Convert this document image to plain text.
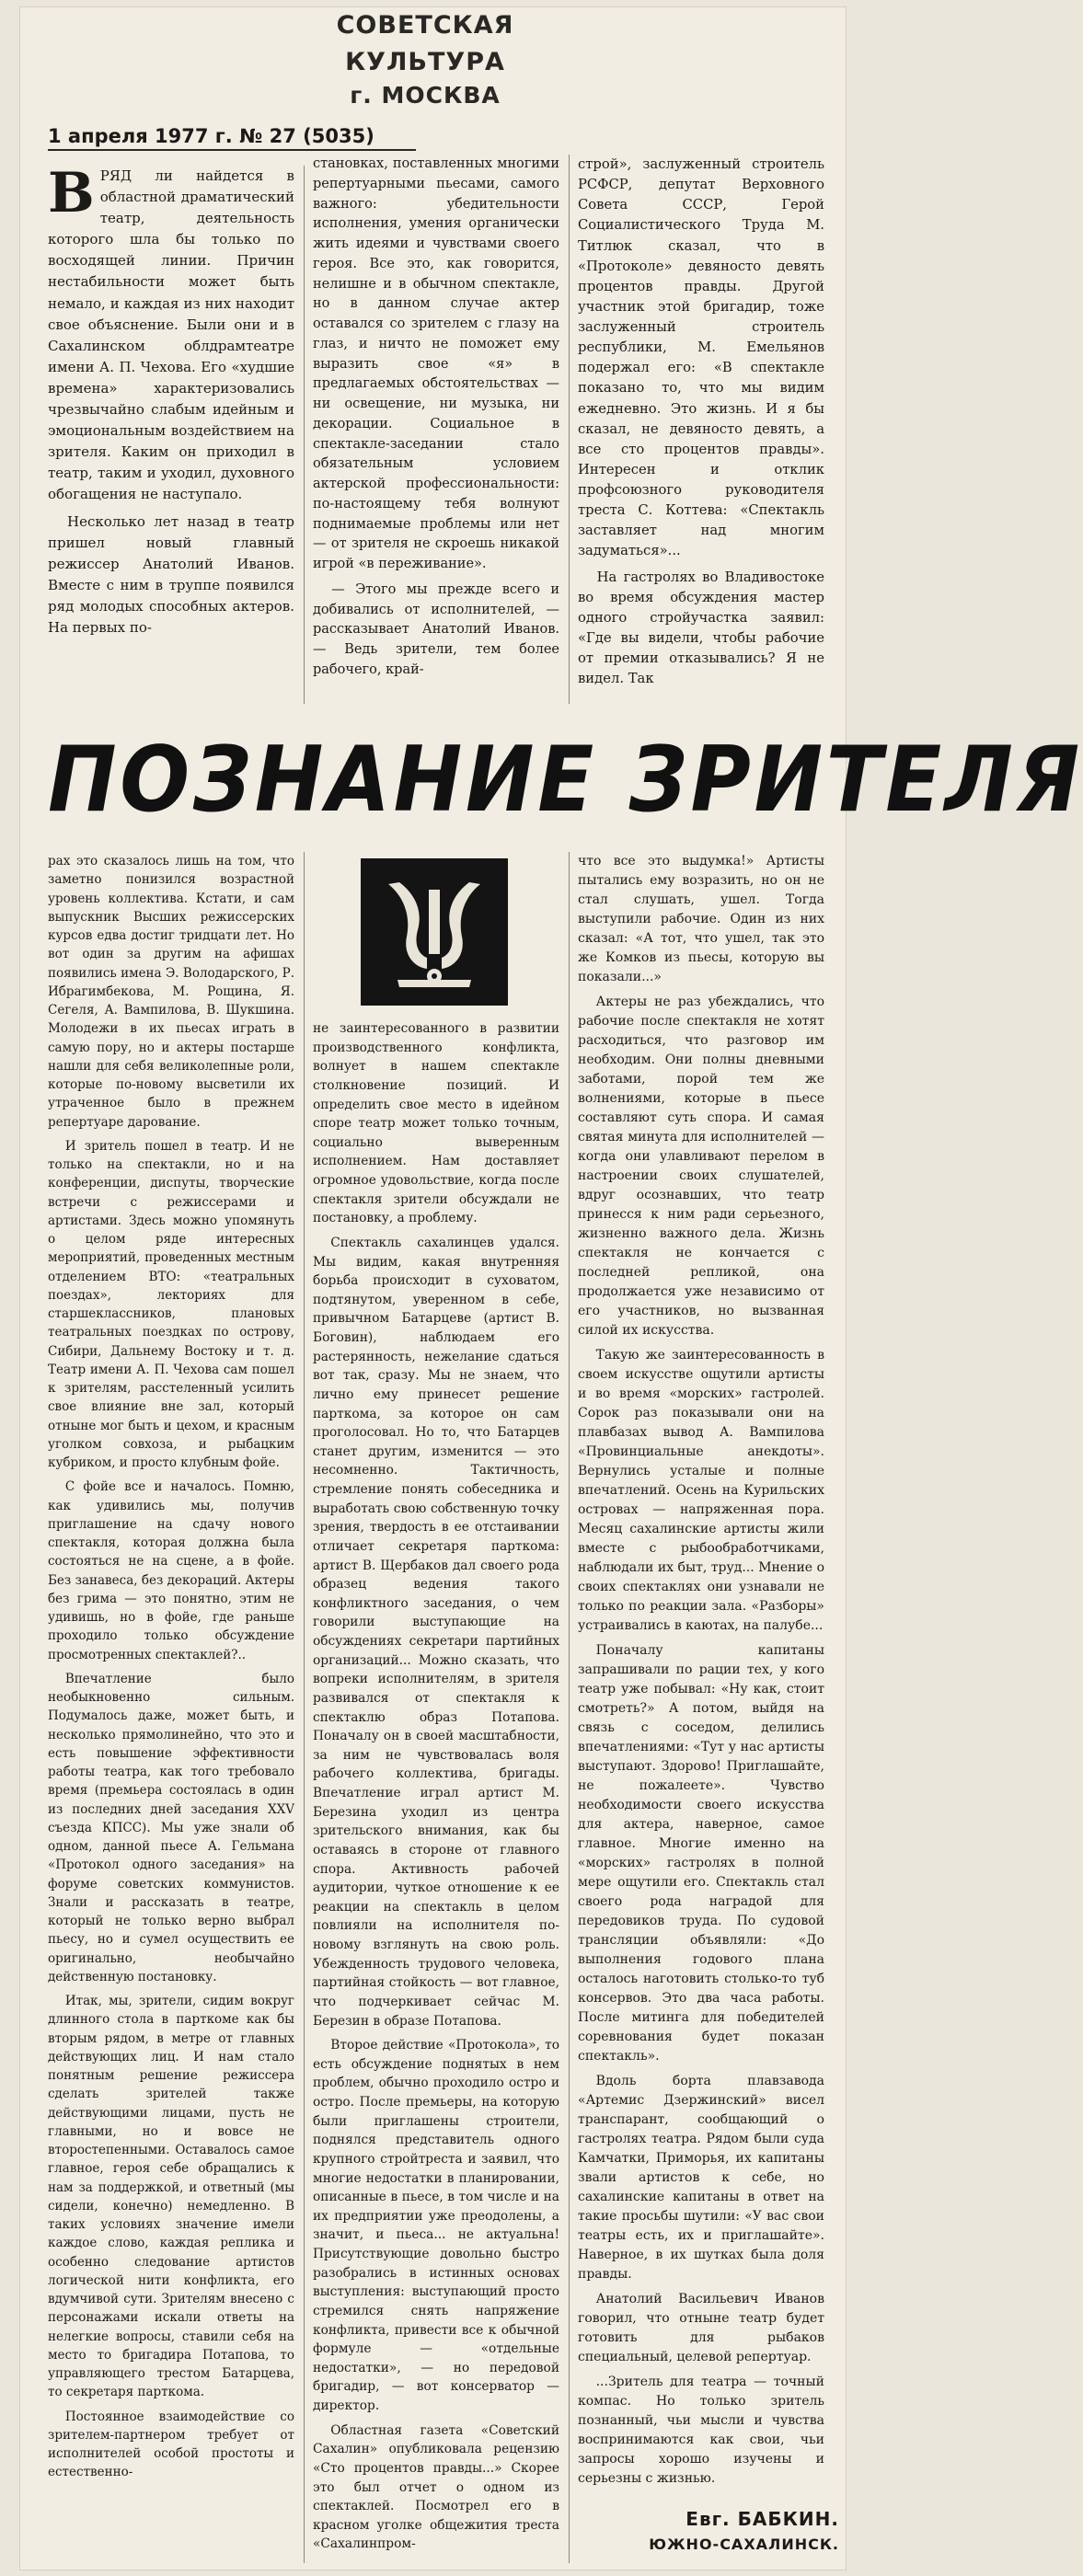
СОВЕТСКАЯ КУЛЬТУРА
г. МОСКВА
1 апреля 1977 г. № 27 (5035)
В РЯД ли найдется в областной драматический театр, деятельность которого шла бы только по восходящей линии. Причин нестабильности может быть немало, и каждая из них находит свое объяснение. Были они и в Сахалинском облдрамтеатре имени А. П. Чехова. Его «худшие времена» характеризовались чрезвычайно слабым идейным и эмоциональным воздействием на зрителя. Каким он приходил в театр, таким и уходил, духовного обогащения не наступало.

Несколько лет назад в театр пришел новый главный режиссер Анатолий Иванов. Вместе с ним в труппе появился ряд молодых способных актеров. На первых по-

становках, поставленных многими репертуарными пьесами, самого важного: убедительности исполнения, умения органически жить идеями и чувствами своего героя. Все это, как говорится, нелишне и в обычном спектакле, но в данном случае актер оставался со зрителем с глазу на глаз, и ничто не поможет ему выразить свое «я» в предлагаемых обстоятельствах — ни освещение, ни музыка, ни декорации. Социальное в спектакле-заседании стало обязательным условием актерской профессиональности: по-настоящему тебя волнуют поднимаемые проблемы или нет — от зрителя не скроешь никакой игрой «в переживание».

— Этого мы прежде всего и добивались от исполнителей, — рассказывает Анатолий Иванов. — Ведь зрители, тем более рабочего, край-

строй», заслуженный строитель РСФСР, депутат Верховного Совета СССР, Герой Социалистического Труда М. Титлюк сказал, что в «Протоколе» девяносто девять процентов правды. Другой участник этой бригадир, тоже заслуженный строитель республики, М. Емельянов подержал его: «В спектакле показано то, что мы видим ежедневно. Это жизнь. И я бы сказал, не девяносто девять, а все сто процентов правды». Интересен и отклик профсоюзного руководителя треста С. Коттева: «Спектакль заставляет над многим задуматься»...

На гастролях во Владивостоке во время обсуждения мастер одного стройучастка заявил: «Где вы видели, чтобы рабочие от премии отказывались? Я не видел. Так

ПОЗНАНИЕ ЗРИТЕЛЯ

рах это сказалось лишь на том, что заметно понизился возрастной уровень коллектива. Кстати, и сам выпускник Высших режиссерских курсов едва достиг тридцати лет. Но вот один за другим на афишах появились имена Э. Володарского, Р. Ибрагимбекова, М. Рощина, Я. Сегеля, А. Вампилова, В. Шукшина. Молодежи в их пьесах играть в самую пору, но и актеры постарше нашли для себя великолепные роли, которые по-новому высветили их утраченное было в прежнем репертуаре дарование.

И зритель пошел в театр. И не только на спектакли, но и на конференции, диспуты, творческие встречи с режиссерами и артистами. Здесь можно упомянуть о целом ряде интересных мероприятий, проведенных местным отделением ВТО: «театральных поездах», лекториях для старшеклассников, плановых театральных поездках по острову, Сибири, Дальнему Востоку и т. д. Театр имени А. П. Чехова сам пошел к зрителям, расстеленный усилить свое влияние вне зал, который отныне мог быть и цехом, и красным уголком совхоза, и рыбацким кубриком, и просто клубным фойе.

С фойе все и началось. Помню, как удивились мы, получив приглашение на сдачу нового спектакля, которая должна была состояться не на сцене, а в фойе. Без занавеса, без декораций. Актеры без грима — это понятно, этим не удивишь, но в фойе, где раньше проходило только обсуждение просмотренных спектаклей?..

Впечатление было необыкновенно сильным. Подумалось даже, может быть, и несколько прямолинейно, что это и есть повышение эффективности работы театра, как того требовало время (премьера состоялась в один из последних дней заседания XXV съезда КПСС). Мы уже знали об одном, данной пьесе А. Гельмана «Протокол одного заседания» на форуме советских коммунистов. Знали и рассказать в театре, который не только верно выбрал пьесу, но и сумел осуществить ее оригинально, необычайно действенную постановку.

Итак, мы, зрители, сидим вокруг длинного стола в парткоме как бы вторым рядом, в метре от главных действующих лиц. И нам стало понятным решение режиссера сделать зрителей также действующими лицами, пусть не главными, но и вовсе не второстепенными. Оставалось самое главное, героя себе обращались к нам за поддержкой, и ответный (мы сидели, конечно) немедленно. В таких условиях значение имели каждое слово, каждая реплика и особенно следование артистов логической нити конфликта, его вдумчивой сути. Зрителям внесено с персонажами искали ответы на нелегкие вопросы, ставили себя на место то бригадира Потапова, то управляющего трестом Батарцева, то секретаря парткома.

Постоянное взаимодействие со зрителем-партнером требует от исполнителей особой простоты и естественно-

не заинтересованного в развитии производственного конфликта, волнует в нашем спектакле столкновение позиций. И определить свое место в идейном споре театр может только точным, социально выверенным исполнением. Нам доставляет огромное удовольствие, когда после спектакля зрители обсуждали не постановку, а проблему.

Спектакль сахалинцев удался. Мы видим, какая внутренняя борьба происходит в суховатом, подтянутом, уверенном в себе, привычном Батарцеве (артист В. Боговин), наблюдаем его растерянность, нежелание сдаться вот так, сразу. Мы не знаем, что лично ему принесет решение парткома, за которое он сам проголосовал. Но то, что Батарцев станет другим, изменится — это несомненно. Тактичность, стремление понять собеседника и выработать свою собственную точку зрения, твердость в ее отстаивании отличает секретаря парткома: артист В. Щербаков дал своего рода образец ведения такого конфликтного заседания, о чем говорили выступающие на обсуждениях секретари партийных организаций... Можно сказать, что вопреки исполнителям, в зрителя развивался от спектакля к спектаклю образ Потапова. Поначалу он в своей масштабности, за ним не чувствовалась воля рабочего коллектива, бригады. Впечатление играл артист М. Березина уходил из центра зрительского внимания, как бы оставаясь в стороне от главного спора. Активность рабочей аудитории, чуткое отношение к ее реакции на спектакль в целом повлияли на исполнителя по-новому взглянуть на свою роль. Убежденность трудового человека, партийная стойкость — вот главное, что подчеркивает сейчас М. Березин в образе Потапова.

Второе действие «Протокола», то есть обсуждение поднятых в нем проблем, обычно проходило остро и остро. После премьеры, на которую были приглашены строители, поднялся представитель одного крупного стройтреста и заявил, что многие недостатки в планировании, описанные в пьесе, в том числе и на их предприятии уже преодолены, а значит, и пьеса... не актуальна! Присутствующие довольно быстро разобрались в истинных основах выступления: выступающий просто стремился снять напряжение конфликта, привести все к обычной формуле — «отдельные недостатки», — но передовой бригадир, — вот консерватор — директор.

Областная газета «Советский Сахалин» опубликовала рецензию «Сто процентов правды...» Скорее это был отчет о одном из спектаклей. Посмотрел его в красном уголке общежития треста «Сахалинпром-

что все это выдумка!» Артисты пытались ему возразить, но он не стал слушать, ушел. Тогда выступили рабочие. Один из них сказал: «А тот, что ушел, так это же Комков из пьесы, которую вы показали...»

Актеры не раз убеждались, что рабочие после спектакля не хотят расходиться, что разговор им необходим. Они полны дневными заботами, порой тем же волнениями, которые в пьесе составляют суть спора. И самая святая минута для исполнителей — когда они улавливают перелом в настроении своих слушателей, вдруг осознавших, что театр принесся к ним ради серьезного, жизненно важного дела. Жизнь спектакля не кончается с последней репликой, она продолжается уже независимо от его участников, но вызванная силой их искусства.

Такую же заинтересованность в своем искусстве ощутили артисты и во время «морских» гастролей. Сорок раз показывали они на плавбазах вывод А. Вампилова «Провинциальные анекдоты». Вернулись усталые и полные впечатлений. Осень на Курильских островах — напряженная пора. Месяц сахалинские артисты жили вместе с рыбообработчиками, наблюдали их быт, труд... Мнение о своих спектаклях они узнавали не только по реакции зала. «Разборы» устраивались в каютах, на палубе...

Поначалу капитаны запрашивали по рации тех, у кого театр уже побывал: «Ну как, стоит смотреть?» А потом, выйдя на связь с соседом, делились впечатлениями: «Тут у нас артисты выступают. Здорово! Приглашайте, не пожалеете». Чувство необходимости своего искусства для актера, наверное, самое главное. Многие именно на «морских» гастролях в полной мере ощутили его. Спектакль стал своего рода наградой для передовиков труда. По судовой трансляции объявляли: «До выполнения годового плана осталось наготовить столько-то туб консервов. Это два часа работы. После митинга для победителей соревнования будет показан спектакль».

Вдоль борта плавзавода «Артемис Дзержинский» висел транспарант, сообщающий о гастролях театра. Рядом были суда Камчатки, Приморья, их капитаны звали артистов к себе, но сахалинские капитаны в ответ на такие просьбы шутили: «У вас свои театры есть, их и приглашайте». Наверное, в их шутках была доля правды.

Анатолий Васильевич Иванов говорил, что отныне театр будет готовить для рыбаков специальный, целевой репертуар.

...Зритель для театра — точный компас. Но только зритель познанный, чьи мысли и чувства воспринимаются как свои, чьи запросы хорошо изучены и серьезны с жизнью.

Евг. БАБКИН.
ЮЖНО-САХАЛИНСК.
